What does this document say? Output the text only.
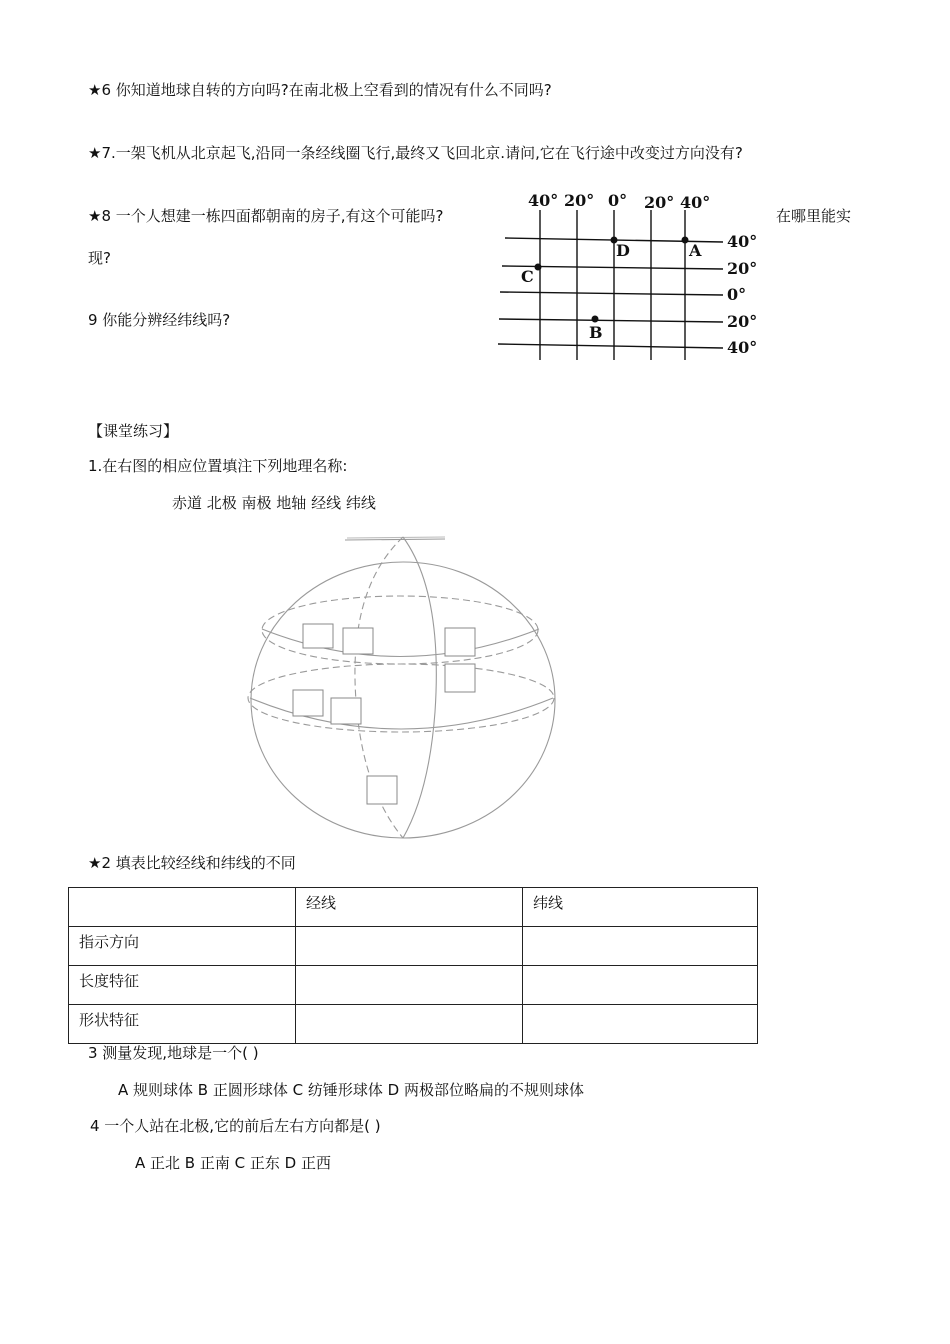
★6 你知道地球自转的方向吗?在南北极上空看到的情况有什么不同吗?
★7.一架飞机从北京起飞,沿同一条经线圈飞行,最终又飞回北京.请问,它在飞行途中改变过方向没有?
★8 一个人想建一栋四面都朝南的房子,有这个可能吗?	在哪里能实
现?
9 你能分辨经纬线吗?
40° 20° 0° 20° 40°
40°
20°
0°
20°
40°
A
B
C
D
【课堂练习】
1.在右图的相应位置填注下列地理名称:
赤道 北极 南极 地轴 经线 纬线
★2 填表比较经线和纬线的不同
	经线	纬线
指示方向		
长度特征		
形状特征		
3 测量发现,地球是一个( )
A 规则球体 B 正圆形球体 C 纺锤形球体 D 两极部位略扁的不规则球体
4 一个人站在北极,它的前后左右方向都是( )
A 正北 B 正南 C 正东 D 正西
